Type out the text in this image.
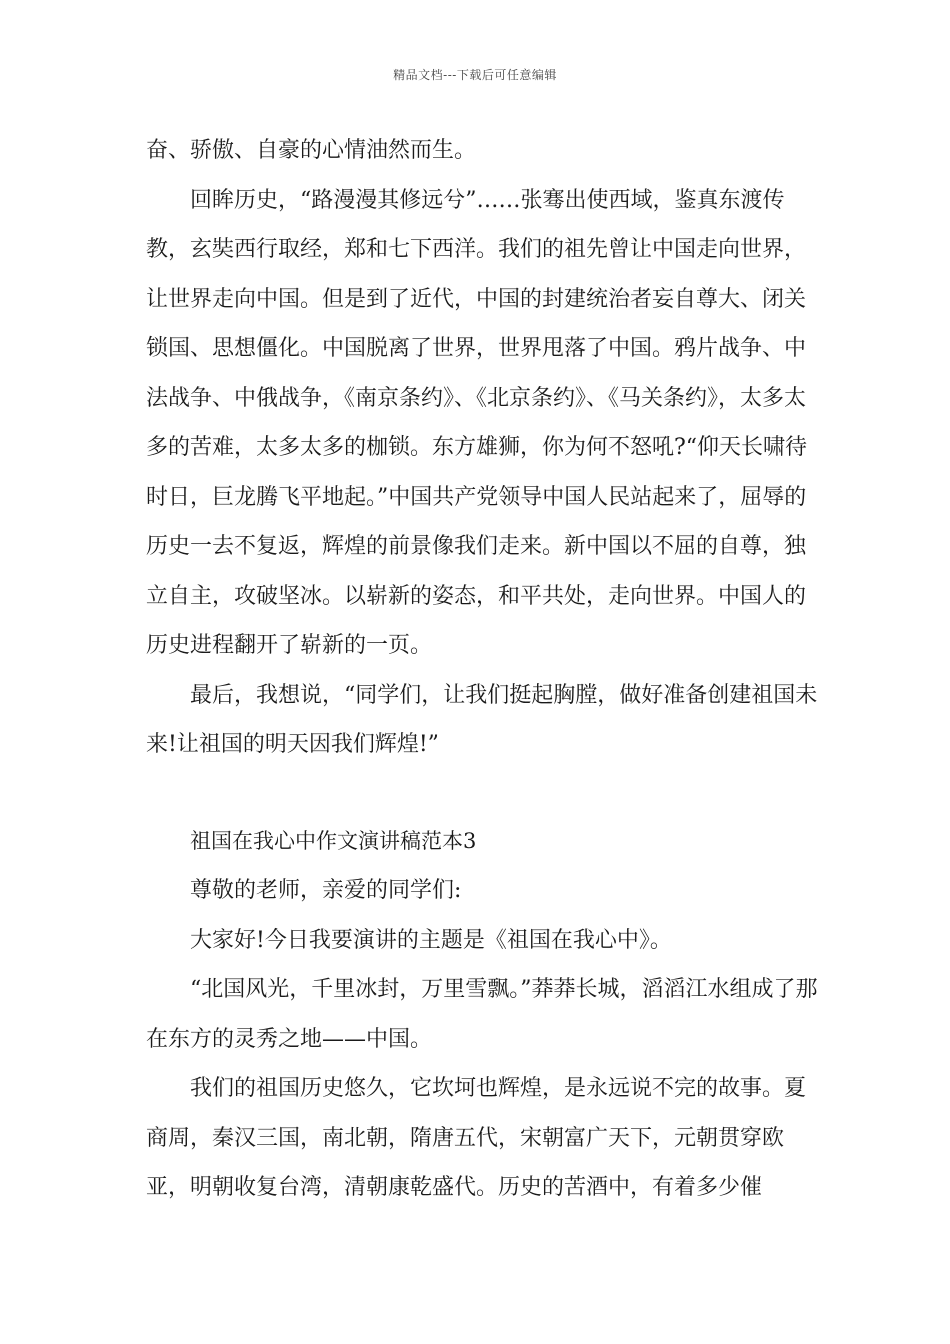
精品文档---下载后可任意编辑

奋、骄傲、自豪的心情油然而生。

回眸历史，“路漫漫其修远兮”……张骞出使西域，鉴真东渡传教，玄奘西行取经，郑和七下西洋。我们的祖先曾让中国走向世界，让世界走向中国。但是到了近代，中国的封建统治者妄自尊大、闭关锁国、思想僵化。中国脱离了世界，世界甩落了中国。鸦片战争、中法战争、中俄战争，《南京条约》、《北京条约》、《马关条约》，太多太多的苦难，太多太多的枷锁。东方雄狮，你为何不怒吼?“仰天长啸待时日，巨龙腾飞平地起。”中国共产党领导中国人民站起来了，屈辱的历史一去不复返，辉煌的前景像我们走来。新中国以不屈的自尊，独立自主，攻破坚冰。以崭新的姿态，和平共处，走向世界。中国人的历史进程翻开了崭新的一页。

最后，我想说，“同学们，让我们挺起胸膛，做好准备创建祖国未来!让祖国的明天因我们辉煌!”

祖国在我心中作文演讲稿范本3

尊敬的老师，亲爱的同学们:

大家好!今日我要演讲的主题是《祖国在我心中》。

“北国风光，千里冰封，万里雪飘。”莽莽长城，滔滔江水组成了那在东方的灵秀之地——中国。

我们的祖国历史悠久，它坎坷也辉煌，是永远说不完的故事。夏商周，秦汉三国，南北朝，隋唐五代，宋朝富广天下，元朝贯穿欧亚，明朝收复台湾，清朝康乾盛代。历史的苦酒中，有着多少催
